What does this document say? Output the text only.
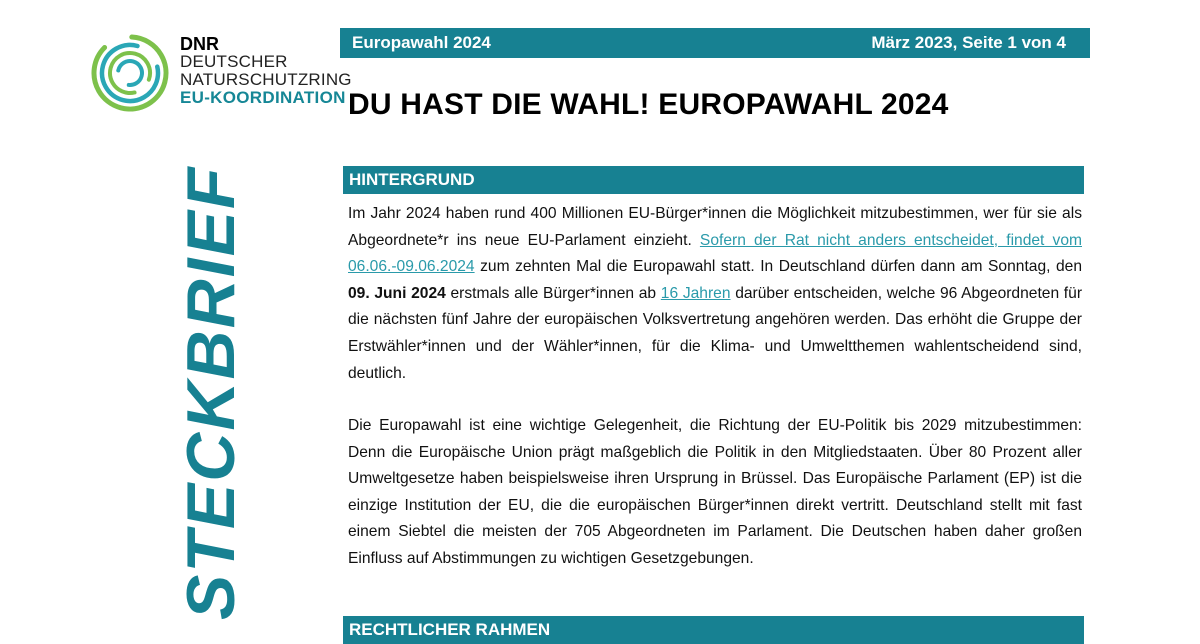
DNR
DEUTSCHER
NATURSCHUTZRING
EU-KOORDINATION
Europawahl 2024	März 2023, Seite 1 von 4
DU HAST DIE WAHL! EUROPAWAHL 2024
STECKBRIEF	HINTERGRUND
Im Jahr 2024 haben rund 400 Millionen EU-Bürger*innen die Möglichkeit mitzubestimmen, wer für sie als Abgeordnete*r ins neue EU-Parlament einzieht. Sofern der Rat nicht anders entscheidet, findet vom 06.06.-09.06.2024 zum zehnten Mal die Europawahl statt. In Deutschland dürfen dann am Sonntag, den 09. Juni 2024 erstmals alle Bürger*innen ab 16 Jahren darüber entscheiden, welche 96 Abgeordneten für die nächsten fünf Jahre der europäischen Volksvertretung angehören werden. Das erhöht die Gruppe der Erstwähler*innen und der Wähler*innen, für die Klima- und Umweltthemen wahlentscheidend sind, deutlich.
Die Europawahl ist eine wichtige Gelegenheit, die Richtung der EU-Politik bis 2029 mitzubestimmen: Denn die Europäische Union prägt maßgeblich die Politik in den Mitgliedstaaten. Über 80 Prozent aller Umweltgesetze haben beispielsweise ihren Ursprung in Brüssel. Das Europäische Parlament (EP) ist die einzige Institution der EU, die die europäischen Bürger*innen direkt vertritt. Deutschland stellt mit fast einem Siebtel die meisten der 705 Abgeordneten im Parlament. Die Deutschen haben daher großen Einfluss auf Abstimmungen zu wichtigen Gesetzgebungen.
RECHTLICHER RAHMEN
